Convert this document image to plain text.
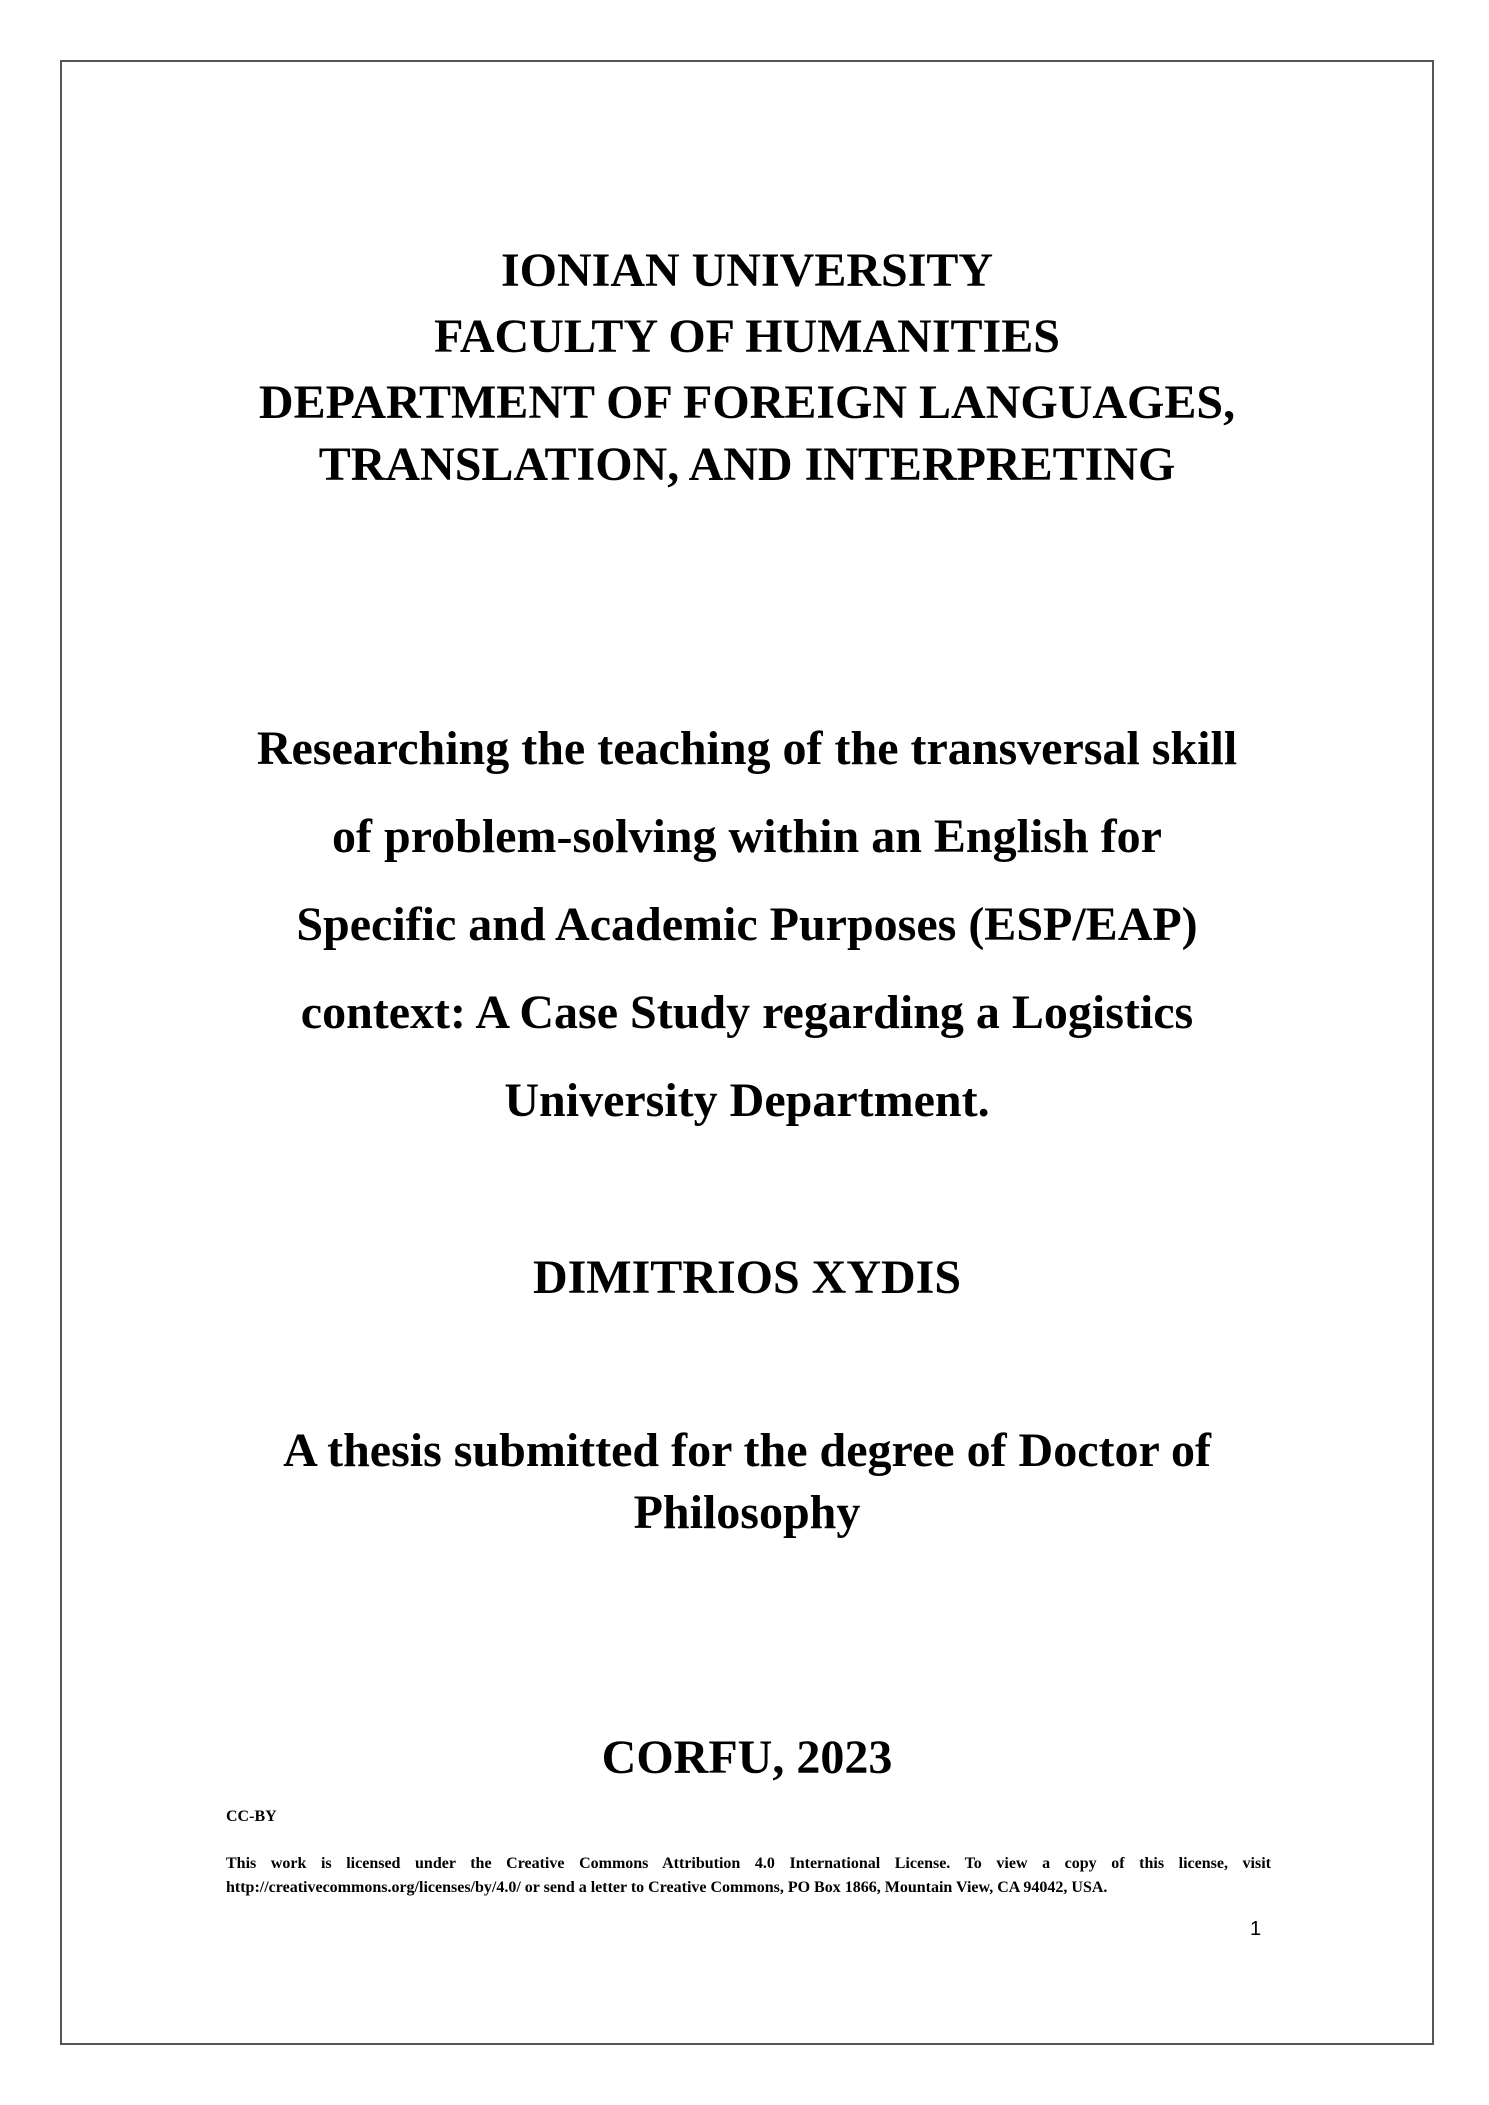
IONIAN UNIVERSITY
FACULTY OF HUMANITIES
DEPARTMENT OF FOREIGN LANGUAGES,
TRANSLATION, AND INTERPRETING
Researching the teaching of the transversal skill
of problem-solving within an English for
Specific and Academic Purposes (ESP/EAP)
context: A Case Study regarding a Logistics
University Department.
DIMITRIOS XYDIS
A thesis submitted for the degree of Doctor of
Philosophy
CORFU, 2023
CC-BY
This work is licensed under the Creative Commons Attribution 4.0 International License. To view a copy of this license, visit http://creativecommons.org/licenses/by/4.0/ or send a letter to Creative Commons, PO Box 1866, Mountain View, CA 94042, USA.
1
